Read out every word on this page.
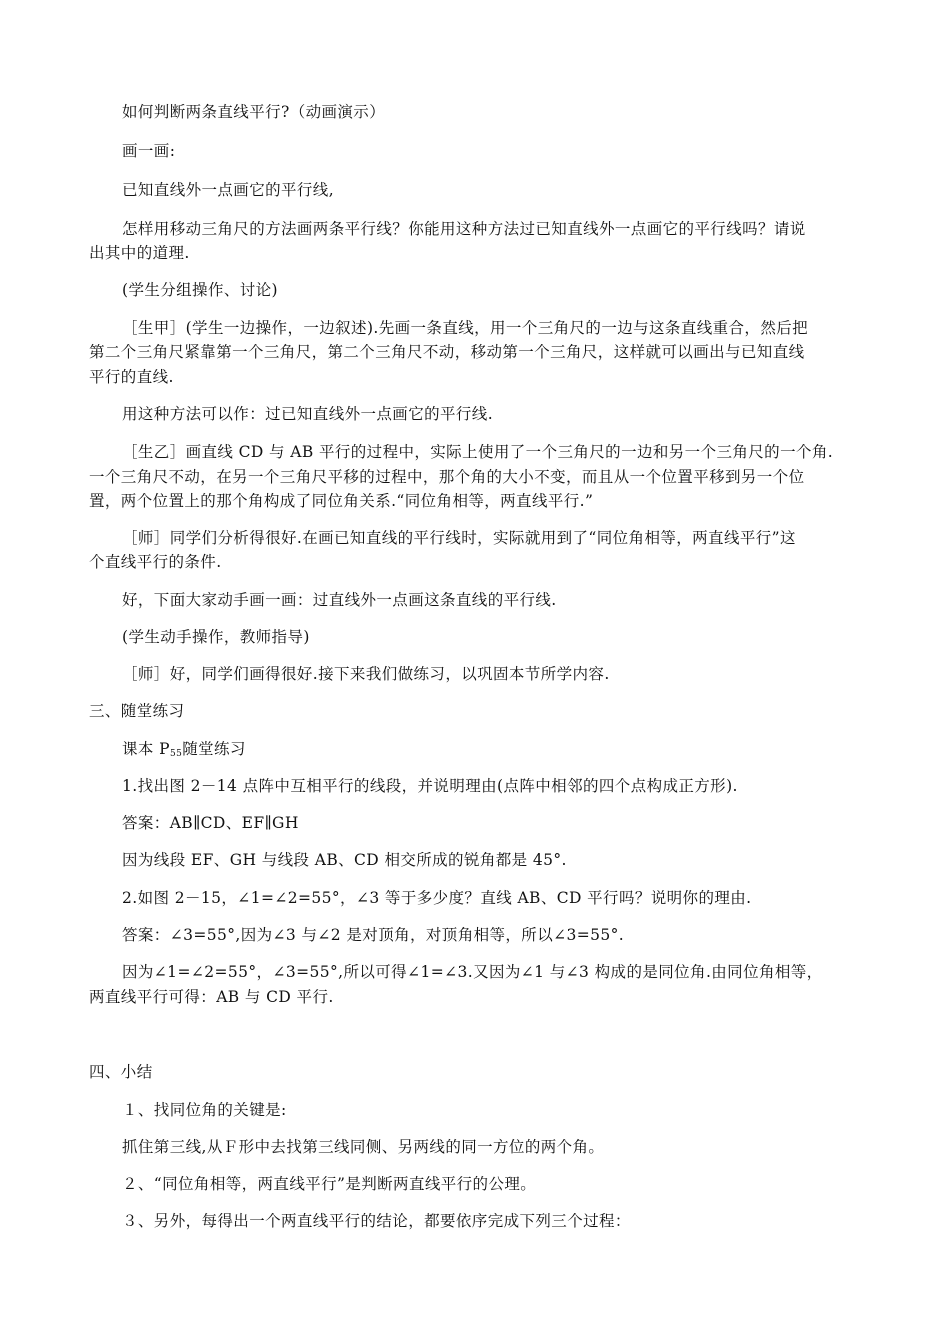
如何判断两条直线平行?（动画演示）
画一画:
已知直线外一点画它的平行线,
怎样用移动三角尺的方法画两条平行线？你能用这种方法过已知直线外一点画它的平行线吗？请说
出其中的道理.
(学生分组操作、讨论)
［生甲］(学生一边操作，一边叙述).先画一条直线，用一个三角尺的一边与这条直线重合，然后把
第二个三角尺紧靠第一个三角尺，第二个三角尺不动，移动第一个三角尺，这样就可以画出与已知直线
平行的直线.
用这种方法可以作：过已知直线外一点画它的平行线.
［生乙］画直线 CD 与 AB 平行的过程中，实际上使用了一个三角尺的一边和另一个三角尺的一个角.
一个三角尺不动，在另一个三角尺平移的过程中，那个角的大小不变，而且从一个位置平移到另一个位
置，两个位置上的那个角构成了同位角关系.“同位角相等，两直线平行.”
［师］同学们分析得很好.在画已知直线的平行线时，实际就用到了“同位角相等，两直线平行”这
个直线平行的条件.
好，下面大家动手画一画：过直线外一点画这条直线的平行线.
(学生动手操作，教师指导)
［师］好，同学们画得很好.接下来我们做练习，以巩固本节所学内容.
三、随堂练习
课本 $P_{55}$随堂练习
1.找出图 2－14 点阵中互相平行的线段，并说明理由(点阵中相邻的四个点构成正方形).
答案：AB∥CD、EF∥GH
因为线段 EF、GH 与线段 AB、CD 相交所成的锐角都是 45°.
2.如图 2－15，∠1=∠2=55°，∠3 等于多少度？直线 AB、CD 平行吗？说明你的理由.
答案：∠3=55°,因为∠3 与∠2 是对顶角，对顶角相等，所以∠3=55°.
因为∠1=∠2=55°，∠3=55°,所以可得∠1=∠3.又因为∠1 与∠3 构成的是同位角.由同位角相等，
两直线平行可得：AB 与 CD 平行.
四、小结
１、找同位角的关键是:
抓住第三线,从Ｆ形中去找第三线同侧、另两线的同一方位的两个角。
２、“同位角相等，两直线平行”是判断两直线平行的公理。
３、另外，每得出一个两直线平行的结论，都要依序完成下列三个过程：
